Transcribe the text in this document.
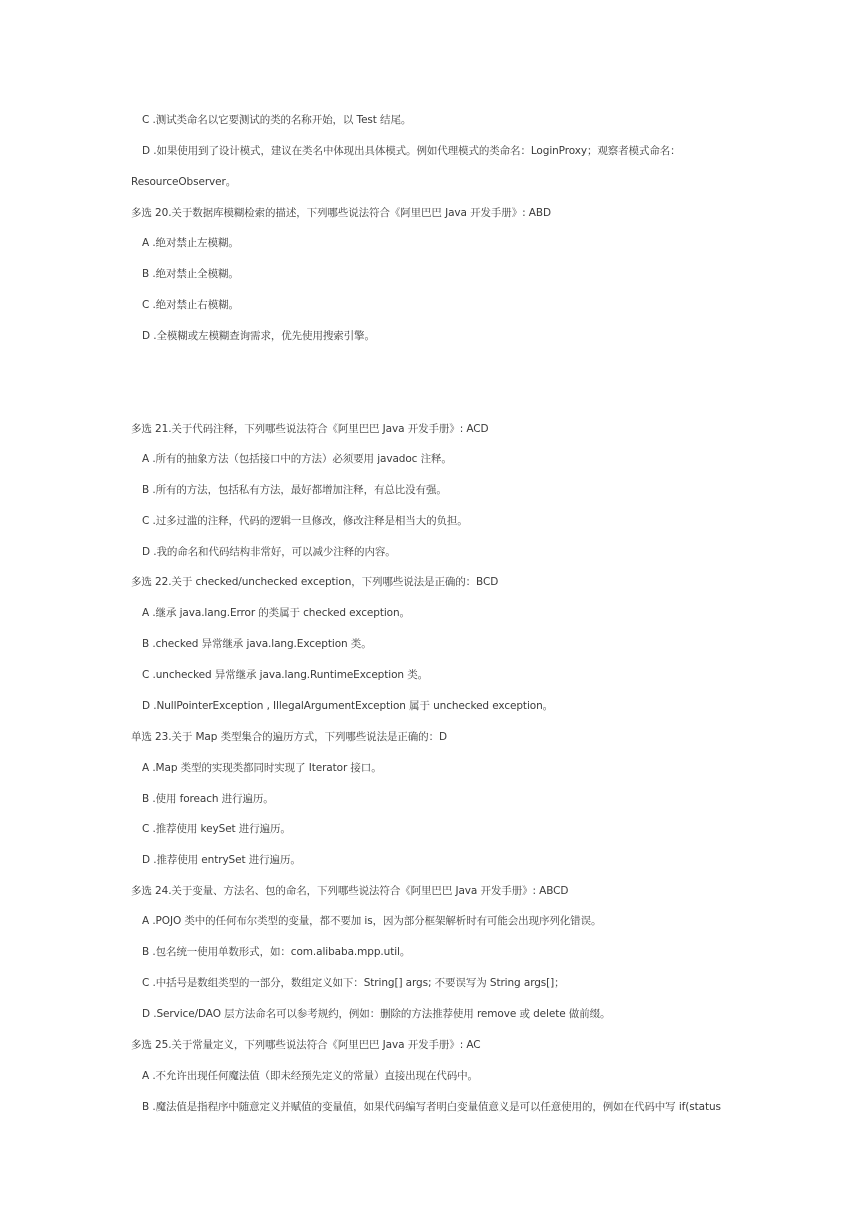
C .测试类命名以它要测试的类的名称开始，以 Test 结尾。
D .如果使用到了设计模式，建议在类名中体现出具体模式。例如代理模式的类命名：LoginProxy；观察者模式命名：
ResourceObserver。
多选 20.关于数据库模糊检索的描述，下列哪些说法符合《阿里巴巴 Java 开发手册》: ABD
A .绝对禁止左模糊。
B .绝对禁止全模糊。
C .绝对禁止右模糊。
D .全模糊或左模糊查询需求，优先使用搜索引擎。
多选 21.关于代码注释，下列哪些说法符合《阿里巴巴 Java 开发手册》: ACD
A .所有的抽象方法（包括接口中的方法）必须要用 javadoc 注释。
B .所有的方法，包括私有方法，最好都增加注释，有总比没有强。
C .过多过滥的注释，代码的逻辑一旦修改，修改注释是相当大的负担。
D .我的命名和代码结构非常好，可以减少注释的内容。
多选 22.关于 checked/unchecked exception，下列哪些说法是正确的：BCD
A .继承 java.lang.Error 的类属于 checked exception。
B .checked 异常继承 java.lang.Exception 类。
C .unchecked 异常继承 java.lang.RuntimeException 类。
D .NullPointerException , IllegalArgumentException 属于 unchecked exception。
单选 23.关于 Map 类型集合的遍历方式，下列哪些说法是正确的：D
A .Map 类型的实现类都同时实现了 Iterator 接口。
B .使用 foreach 进行遍历。
C .推荐使用 keySet 进行遍历。
D .推荐使用 entrySet 进行遍历。
多选 24.关于变量、方法名、包的命名，下列哪些说法符合《阿里巴巴 Java 开发手册》: ABCD
A .POJO 类中的任何布尔类型的变量，都不要加 is，因为部分框架解析时有可能会出现序列化错误。
B .包名统一使用单数形式，如：com.alibaba.mpp.util。
C .中括号是数组类型的一部分，数组定义如下：String[] args; 不要误写为 String args[]；
D .Service/DAO 层方法命名可以参考规约，例如：删除的方法推荐使用 remove 或 delete 做前缀。
多选 25.关于常量定义，下列哪些说法符合《阿里巴巴 Java 开发手册》: AC
A .不允许出现任何魔法值（即未经预先定义的常量）直接出现在代码中。
B .魔法值是指程序中随意定义并赋值的变量值，如果代码编写者明白变量值意义是可以任意使用的，例如在代码中写 if(status
